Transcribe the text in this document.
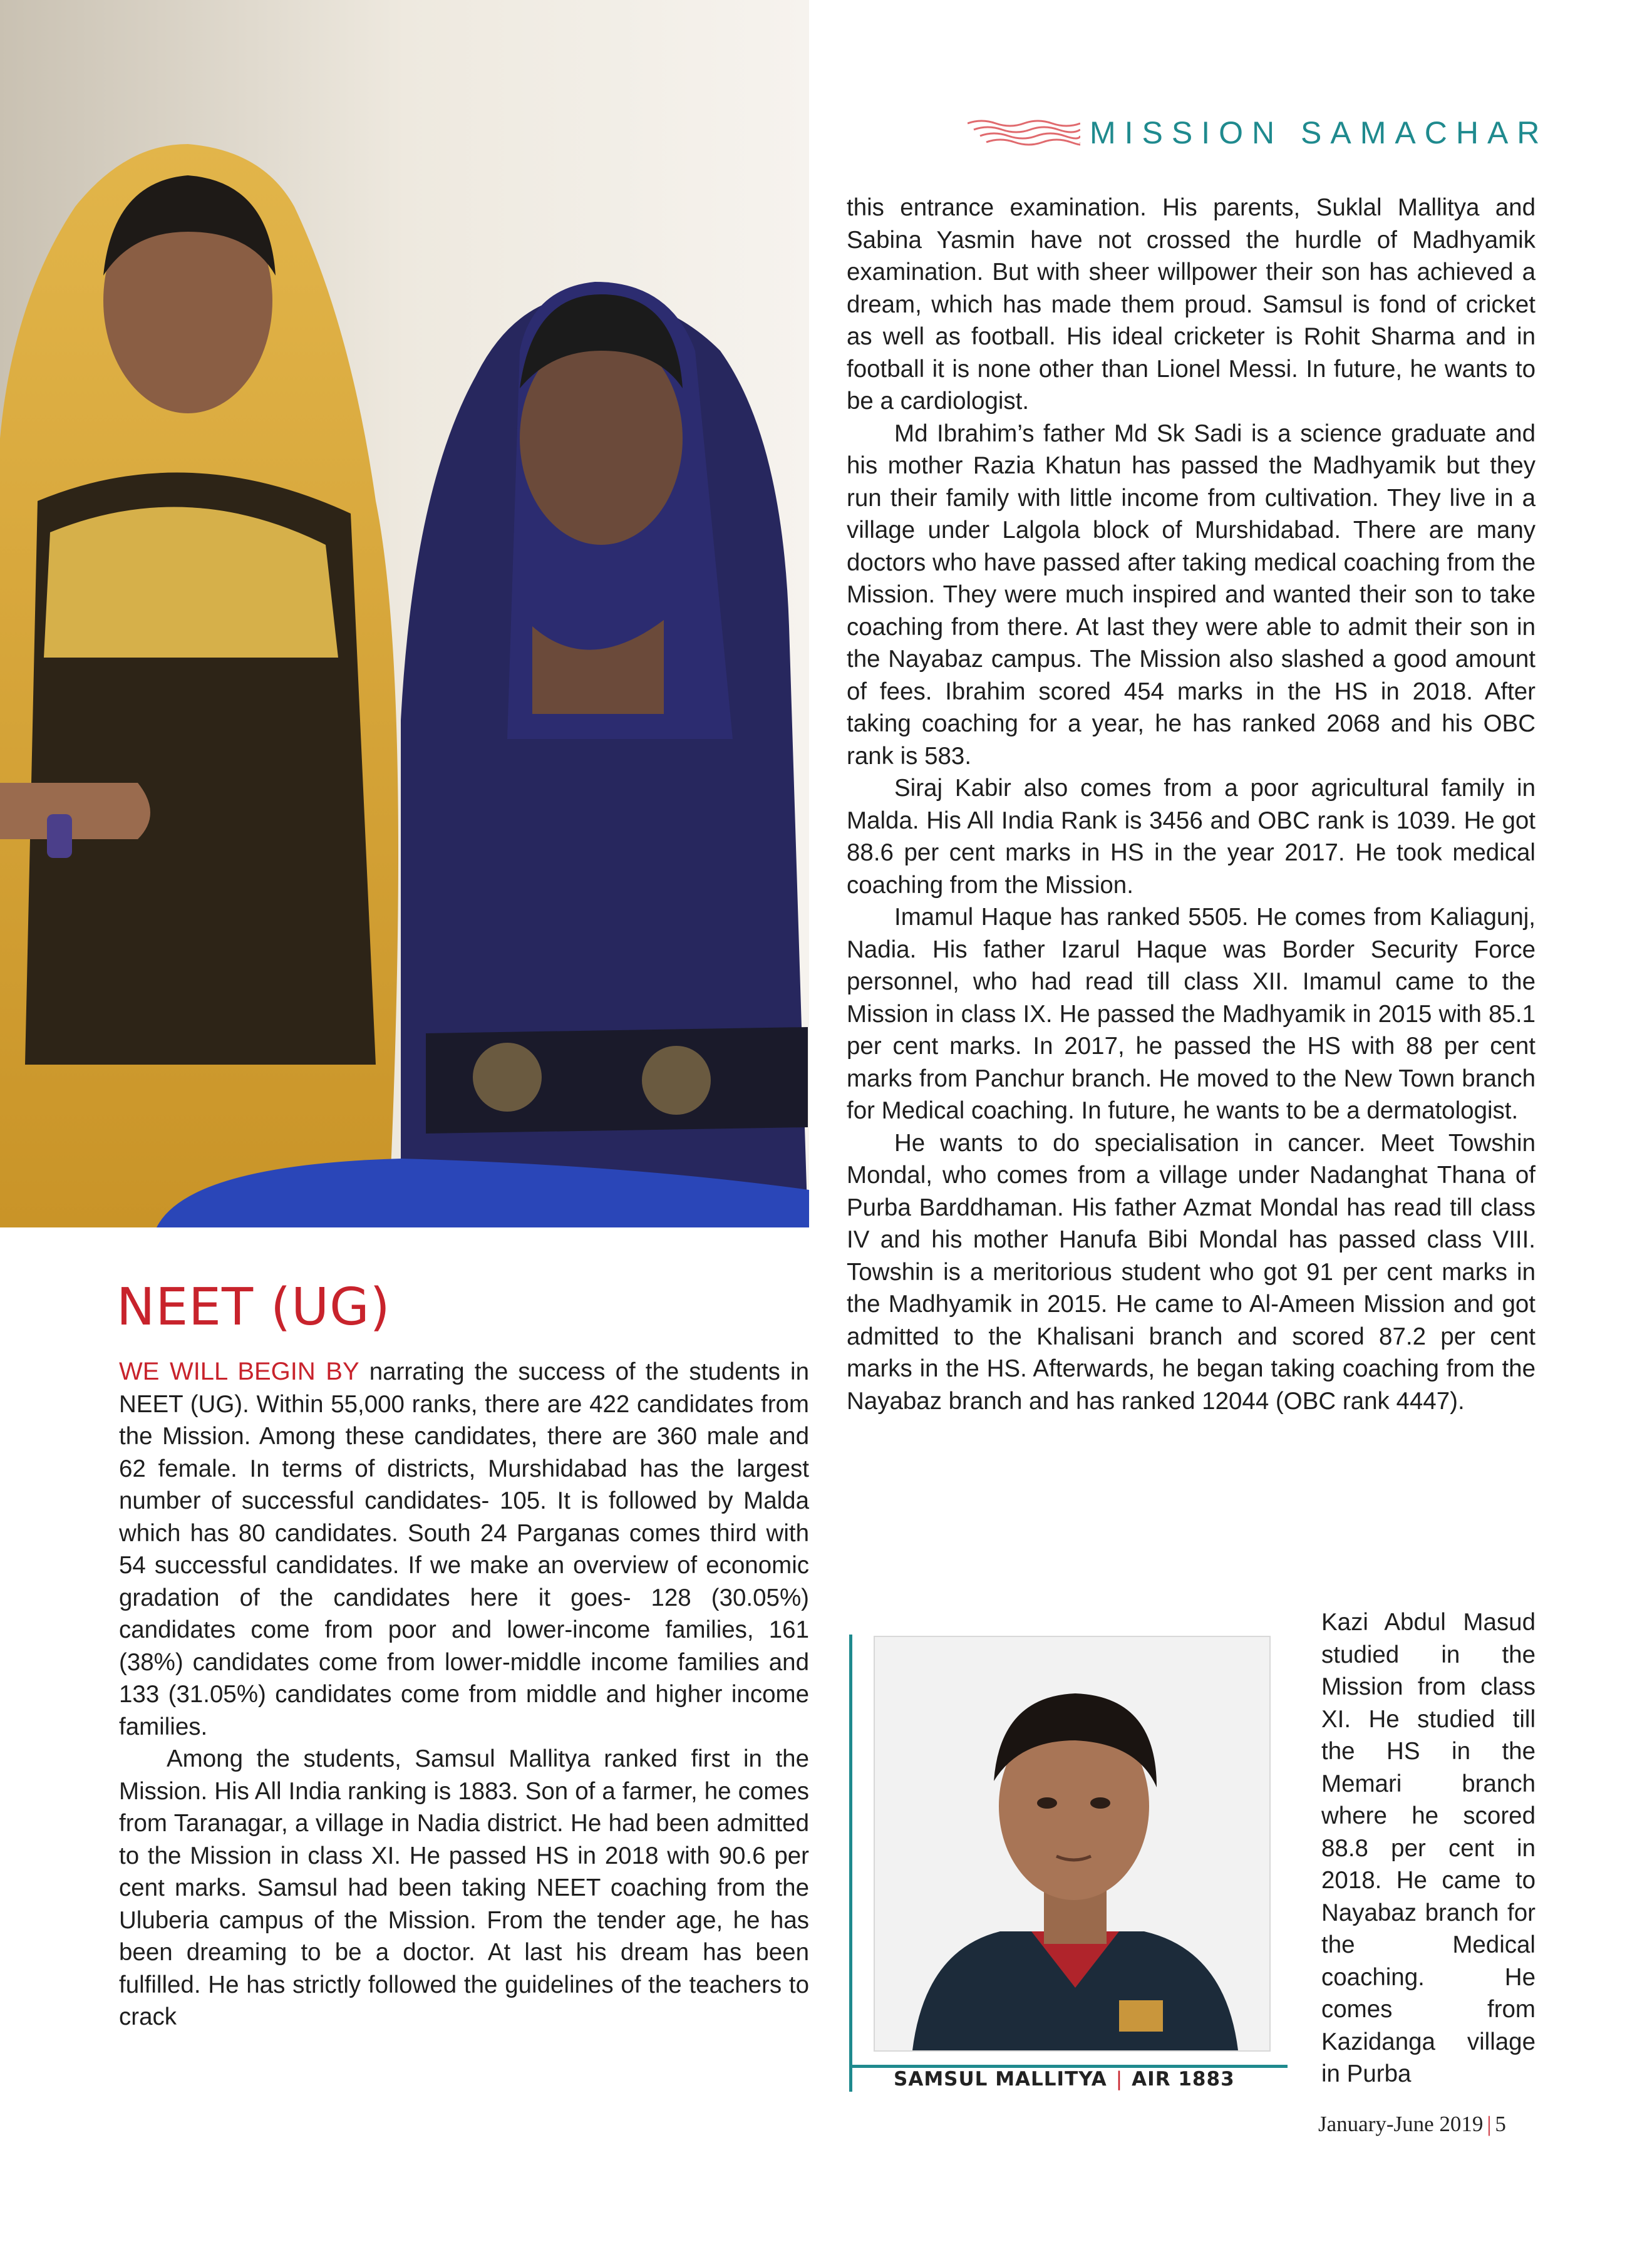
MISSION SAMACHAR

this entrance examination. His parents, Suklal Mallitya and Sabina Yasmin have not crossed the hurdle of Madhyamik examination. But with sheer willpower their son has achieved a dream, which has made them proud. Samsul is fond of cricket as well as football. His ideal cricketer is Rohit Sharma and in football it is none other than Lionel Messi. In future, he wants to be a cardiologist.

Md Ibrahim’s father Md Sk Sadi is a science graduate and his mother Razia Khatun has passed the Madhyamik but they run their family with little income from cultivation. They live in a village under Lalgola block of Murshidabad. There are many doctors who have passed after taking medical coaching from the Mission. They were much inspired and wanted their son to take coaching from there. At last they were able to admit their son in the Nayabaz campus. The Mission also slashed a good amount of fees. Ibrahim scored 454 marks in the HS in 2018. After taking coaching for a year, he has ranked 2068 and his OBC rank is 583.

Siraj Kabir also comes from a poor agricultural family in Malda. His All India Rank is 3456 and OBC rank is 1039. He got 88.6 per cent marks in HS in the year 2017. He took medical coaching from the Mission.

Imamul Haque has ranked 5505. He comes from Kaliagunj, Nadia. His father Izarul Haque was Border Security Force personnel, who had read till class XII. Imamul came to the Mission in class IX. He passed the Madhyamik in 2015 with 85.1 per cent marks. In 2017, he passed the HS with 88 per cent marks from Panchur branch. He moved to the New Town branch for Medical coaching. In future, he wants to be a dermatologist.

He wants to do specialisation in cancer. Meet Towshin Mondal, who comes from a village under Nadanghat Thana of Purba Barddhaman. His father Azmat Mondal has read till class IV and his mother Hanufa Bibi Mondal has passed class VIII. Towshin is a meritorious student who got 91 per cent marks in the Madhyamik in 2015. He came to Al-Ameen Mission and got admitted to the Khalisani branch and scored 87.2 per cent marks in the HS. Afterwards, he began taking coaching from the Nayabaz branch and has ranked 12044 (OBC rank 4447).

NEET (UG)

WE WILL BEGIN BY narrating the success of the students in NEET (UG). Within 55,000 ranks, there are 422 candidates from the Mission. Among these candidates, there are 360 male and 62 female. In terms of districts, Murshidabad has the largest number of successful candidates- 105. It is followed by Malda which has 80 candidates. South 24 Parganas comes third with 54 successful candidates. If we make an overview of economic gradation of the candidates here it goes- 128 (30.05%) candidates come from poor and lower-income families, 161 (38%) candidates come from lower-middle income families and 133 (31.05%) candidates come from middle and higher income families.

Among the students, Samsul Mallitya ranked first in the Mission. His All India ranking is 1883. Son of a farmer, he comes from Taranagar, a village in Nadia district. He had been admitted to the Mission in class XI. He passed HS in 2018 with 90.6 per cent marks. Samsul had been taking NEET coaching from the Uluberia campus of the Mission. From the tender age, he has been dreaming to be a doctor. At last his dream has been fulfilled. He has strictly followed the guidelines of the teachers to crack

SAMSUL MALLITYA | AIR 1883
Kazi Abdul Masud studied in the Mission from class XI. He studied till the HS in the Memari branch where he scored 88.8 per cent in 2018. He came to Nayabaz branch for the Medical coaching. He comes from Kazidanga village in Purba
January-June 2019 | 5
